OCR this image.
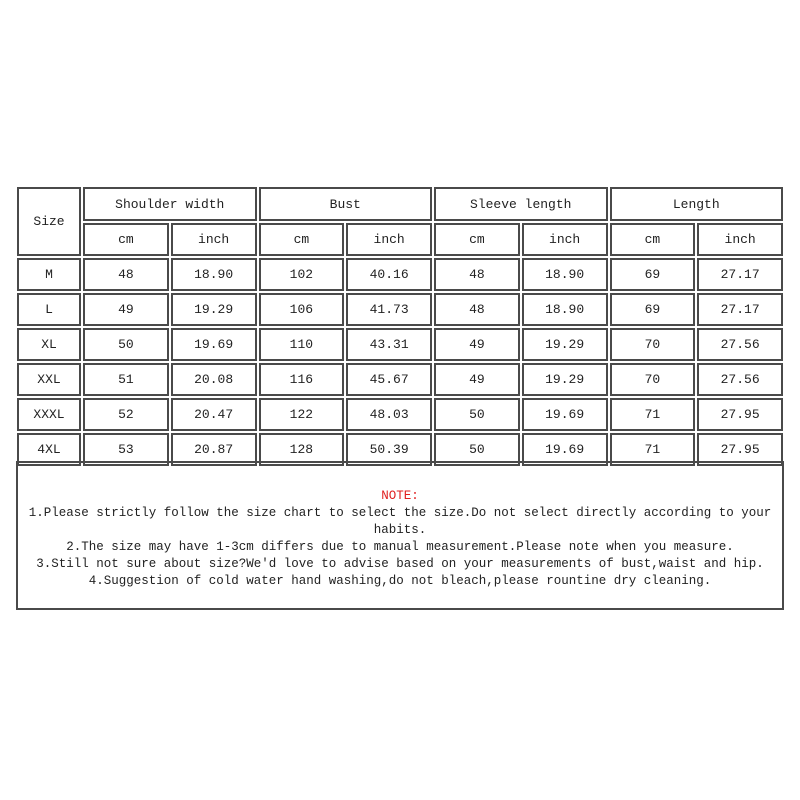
Size	Shoulder width		Bust		Sleeve length		Length	
	cm	inch	cm	inch	cm	inch	cm	inch
M	48	18.90	102	40.16	48	18.90	69	27.17
L	49	19.29	106	41.73	48	18.90	69	27.17
XL	50	19.69	110	43.31	49	19.29	70	27.56
XXL	51	20.08	116	45.67	49	19.29	70	27.56
XXXL	52	20.47	122	48.03	50	19.69	71	27.95
4XL	53	20.87	128	50.39	50	19.69	71	27.95

NOTE:

1.Please strictly follow the size chart to select the size.Do not select directly according to your habits.

2.The size may have 1-3cm differs due to manual measurement.Please note when you measure.

3.Still not sure about size?We'd love to advise based on your measurements of bust,waist and hip.

4.Suggestion of cold water hand washing,do not bleach,please rountine dry cleaning.
